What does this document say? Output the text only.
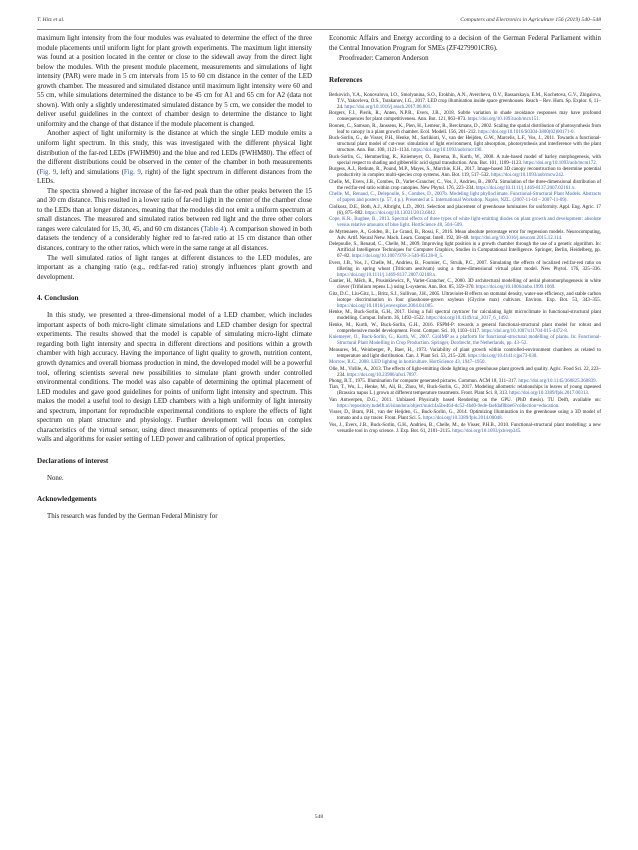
T. Hitz et al.	Computers and Electronics in Agriculture 156 (2019) 540–548

maximum light intensity from the four modules was evaluated to determine the effect of the three module placements until uniform light for plant growth experiments. The maximum light intensity was found at a position located in the center or close to the sidewall away from the direct light below the modules. With the present module placement, measurements and simulations of light intensity (PAR) were made in 5 cm intervals from 15 to 60 cm distance in the center of the LED growth chamber. The measured and simulated distance until maximum light intensity were 60 and 55 cm, while simulations determined the distance to be 45 cm for A1 and 65 cm for A2 (data not shown). With only a slightly underestimated simulated distance by 5 cm, we consider the model to deliver useful guidelines in the context of chamber design to determine the distance to light uniformity and the change of that distance if the module placement is changed.

Another aspect of light uniformity is the distance at which the single LED module emits a uniform light spectrum. In this study, this was investigated with the different physical light distribution of the far-red LEDs (FWHM90) and the blue and red LEDs (FWHM80). The effect of the different distributions could be observed in the center of the chamber in both measurements (Fig. 9, left) and simulations (Fig. 9, right) of the light spectrum in different distances from the LEDs.

The spectra showed a higher increase of the far-red peak than the other peaks between the 15 and 30 cm distance. This resulted in a lower ratio of far-red light in the center of the chamber close to the LEDs than at longer distances, meaning that the modules did not emit a uniform spectrum at small distances. The measured and simulated ratios between red light and the three other colors ranges were calculated for 15, 30, 45, and 60 cm distances (Table 4). A comparison showed in both datasets the tendency of a considerably higher red to far-red ratio at 15 cm distance than other distances, contrary to the other ratios, which were in the same range at all distances.

The well simulated ratios of light ranges at different distances to the LED modules, are important as a changing ratio (e.g., red:far-red ratio) strongly influences plant growth and development.

4. Conclusion

In this study, we presented a three-dimensional model of a LED chamber, which includes important aspects of both micro-light climate simulations and LED chamber design for spectral experiments. The results showed that the model is capable of simulating micro-light climate regarding both light intensity and spectra in different directions and positions within a growth chamber with high accuracy. Having the importance of light quality to growth, nutrition content, growth dynamics and overall biomass production in mind, the developed model will be a powerful tool, offering scientists several new possibilities to simulate plant growth under controlled environmental conditions. The model was also capable of determining the optimal placement of LED modules and gave good guidelines for points of uniform light intensity and spectrum. This makes the model a useful tool to design LED chambers with a high uniformity of light intensity and spectrum, important for reproducible experimental conditions to explore the effects of light spectrum on plant structure and physiology. Further development will focus on complex characteristics of the virtual sensor, using direct measurements of optical properties of the side walls and algorithms for easier setting of LED power and calibration of optical properties.

Declarations of interest

None.

Acknowledgements

This research was funded by the German Federal Ministry for

Economic Affairs and Energy according to a decision of the German Federal Parliament within the Central Innovation Program for SMEs (ZF4279901CR6).

Proofreader: Cameron Anderson

References
Berkovich, Y.A., Konovalova, I.O., Smolyanina, S.O., Erokhin, A.N., Avercheva, O.V., Bassarskaya, E.M., Kochetova, G.V., Zhigalova, T.V., Yakovleva, O.S., Tarakanov, I.G., 2017. LED crop illumination inside space greenhouses. Reach – Rev. Hum. Sp. Explor. 6, 11–24. https://doi.org/10.1016/j.reach.2017.06.001.
Borgers, F.J., Pierik, R., Anten, N.P.R., Evers, J.B., 2018. Subtle variation in shade avoidance responses may have profound consequences for plant competitiveness. Ann. Bot. 121, 863–873. https://doi.org/10.1093/aob/mcx151.
Boonen, C., Samson, R., Janssens, K., Pien, H., Lemeur, R., Berckmans, D., 2002. Scaling the spatial distribution of photosynthesis from leaf to canopy in a plant growth chamber. Ecol. Modell. 156, 201–212. https://doi.org/10.1016/S0304-3800(02)00171-0.
Buck-Sorlin, G., de Visser, P.H., Henke, M., Sarlikioti, V., van der Heijden, G.W., Marcelis, L.F., Vos, J., 2011. Towards a functional-structural plant model of cut-rose: simulation of light environment, light absorption, photosynthesis and interference with the plant structure. Ann. Bot. 108, 1121–1134. https://doi.org/10.1093/aob/mcr190.
Buck-Sorlin, G., Hemmerling, R., Kniemeyer, O., Burema, B., Kurth, W., 2008. A rule-based model of barley morphogenesis, with special respect to shading and gibberellic acid signal transduction. Ann. Bot. 101, 1109–1123. https://doi.org/10.1093/aob/mcm172.
Burgess, A.J., Retkute, R., Pound, M.P., Mayes, S., Murchie, E.H., 2017. Image-based 3D canopy reconstruction to determine potential productivity in complex multi-species crop systems. Ann. Bot. 119, 517–532. https://doi.org/10.1093/aob/mcw242.
Chelle, M., Evers, J.B., Combes, D., Varlet-Grancher, C., Vos, J., Andrieu, B., 2007a. Simulation of the three-dimensional distribution of the red:far-red ratio within crop canopies. New Phytol. 176, 223–234. https://doi.org/10.1111/j.1469-8137.2007.02161.x.
Chelle, M., Renaud, C., Delepoulle, S., Combes, D., 2007b. Modeling light phylloclimate. Functional-Structural Plant Models. Abstracts of papers and posters (p. 57, 4 p.). Presented at 5. International Workshop. Napier, NZL. (2007-11-04 – 2007-11-09).
Ciolkosz, D.E., Both, A.J., Albright, L.D., 2001. Selection and placement of greenhouse luminaires for uniformity. Appl. Eng. Agric. 17 (6), 875–882. https://doi.org/10.13031/2013.6842.
Cope, K.R., Bugbee, B., 2013. Spectral effects of three types of white light-emitting diodes on plant growth and development: absolute versus relative amounts of blue light. HortScience 48, 504–509.
de Myttenaere, A., Golden, B., Le Grand, B., Rossi, F., 2016. Mean absolute percentage error for regression models. Neurocomputing, Adv. Artif. Neural Netw. Mach. Learn. Comput. Intell. 192, 38–48. https://doi.org/10.1016/j.neucom.2015.12.114.
Delepoulle, S., Renaud, C., Chelle, M., 2009. Improving light position in a growth chamber through the use of a genetic algorithm. In: Artificial Intelligence Techniques for Computer Graphics, Studies in Computational Intelligence. Springer, Berlin, Heidelberg, pp. 67–82. https://doi.org/10.1007/978-3-540-85128-8_5.
Evers, J.B., Vos, J., Chelle, M., Andrieu, B., Fournier, C., Struik, P.C., 2007. Simulating the effects of localized red:far-red ratio on tillering in spring wheat (Triticum aestivum) using a three-dimensional virtual plant model. New Phytol. 176, 325–336. https://doi.org/10.1111/j.1469-8137.2007.02168.x.
Gautier, H., Mĕch, R., Prusinkiewicz, P., Varlet-Grancher, C., 2000. 3D architectural modelling of aerial photomorphogenesis in white clover (Trifolium repens L.) using L-systems. Ann. Bot. 85, 359–370. https://doi.org/10.1006/anbo.1999.1069.
Gitz, D.C., Liu-Gitz, L., Britz, S.J., Sullivan, J.H., 2005. Ultraviolet-B effects on stomatal density, water-use efficiency, and stable carbon isotope discrimination in four glasshouse-grown soybean (Glycine max) cultivars. Environ. Exp. Bot. 53, 343–355. https://doi.org/10.1016/j.envexpbot.2004.04.005.
Henke, M., Buck-Sorlin, G.H., 2017. Using a full spectral raytracer for calculating light microclimate in functional-structural plant modelling. Comput. Inform. 36, 1492–1522. https://doi.org/10.4149/cai_2017_6_1492.
Henke, M., Kurth, W., Buck-Sorlin, G.H., 2016. FSPM-P: towards a general functional-structural plant model for robust and comprehensive model development. Front. Comput. Sci. 10, 1103–1117. https://doi.org/10.1007/s11704-015-4472-8.
Kniemeyer, O., Buck-Sorlin, G., Kurth, W., 2007. GroIMP as a platform for functional-structural modelling of plants. In: Functional-Structural Plant Modelling in Crop Production. Springer, Dordrecht, the Netherlands, pp. 43–52.
Measures, M., Weinberger, P., Baer, H., 1973. Variability of plant growth within controlled-environment chambers as related to temperature and light distribution. Can. J. Plant Sci. 53, 215–220. https://doi.org/10.4141/cjps73-038.
Morrow, R.C., 2008. LED lighting in horticulture. HortScience 43, 1947–1950.
Olle, M., Viršile, A., 2013. The effects of light-emitting diode lighting on greenhouse plant growth and quality. Agric. Food Sci. 22, 223–234. https://doi.org/10.23986/afsci.7897.
Phong, B.T., 1975. Illumination for computer generated pictures. Commun. ACM 18, 311–317. https://doi.org/10.1145/360825.360839.
Tian, T., Wu, L., Henke, M., Ali, B., Zhou, W., Buck-Sorlin, G., 2017. Modeling allometric relationships in leaves of young rapeseed (Brassica napus L.) grown at different temperature treatments. Front. Plant Sci. 8, 313. https://doi.org/10.3389/fpls.2017.00313.
Van Antwerpen, D.G., 2011. Unbiased Physically based Rendering on the GPU. (PhD thesis). TU Delft, available on: https://repository.tudelft.nl/islandora/object/uuid:4a5be464-dc52-4bd0-9ede-faefdaf8bbe6?collection=education.
Visser, D., Bram, P.H., van der Heijden, G., Buck-Sorlin, G., 2014. Optimizing illumination in the greenhouse using a 3D model of tomato and a ray tracer. Front. Plant Sci. 5. https://doi.org/10.3389/fpls.2014.00048.
Vos, J., Evers, J.B., Buck-Sorlin, G.H., Andrieu, B., Chelle, M., de Visser, P.H.B., 2010. Functional-structural plant modelling: a new versatile tool in crop science. J. Exp. Bot. 61, 2101–2115. https://doi.org/10.1093/jxb/erp345.
548
